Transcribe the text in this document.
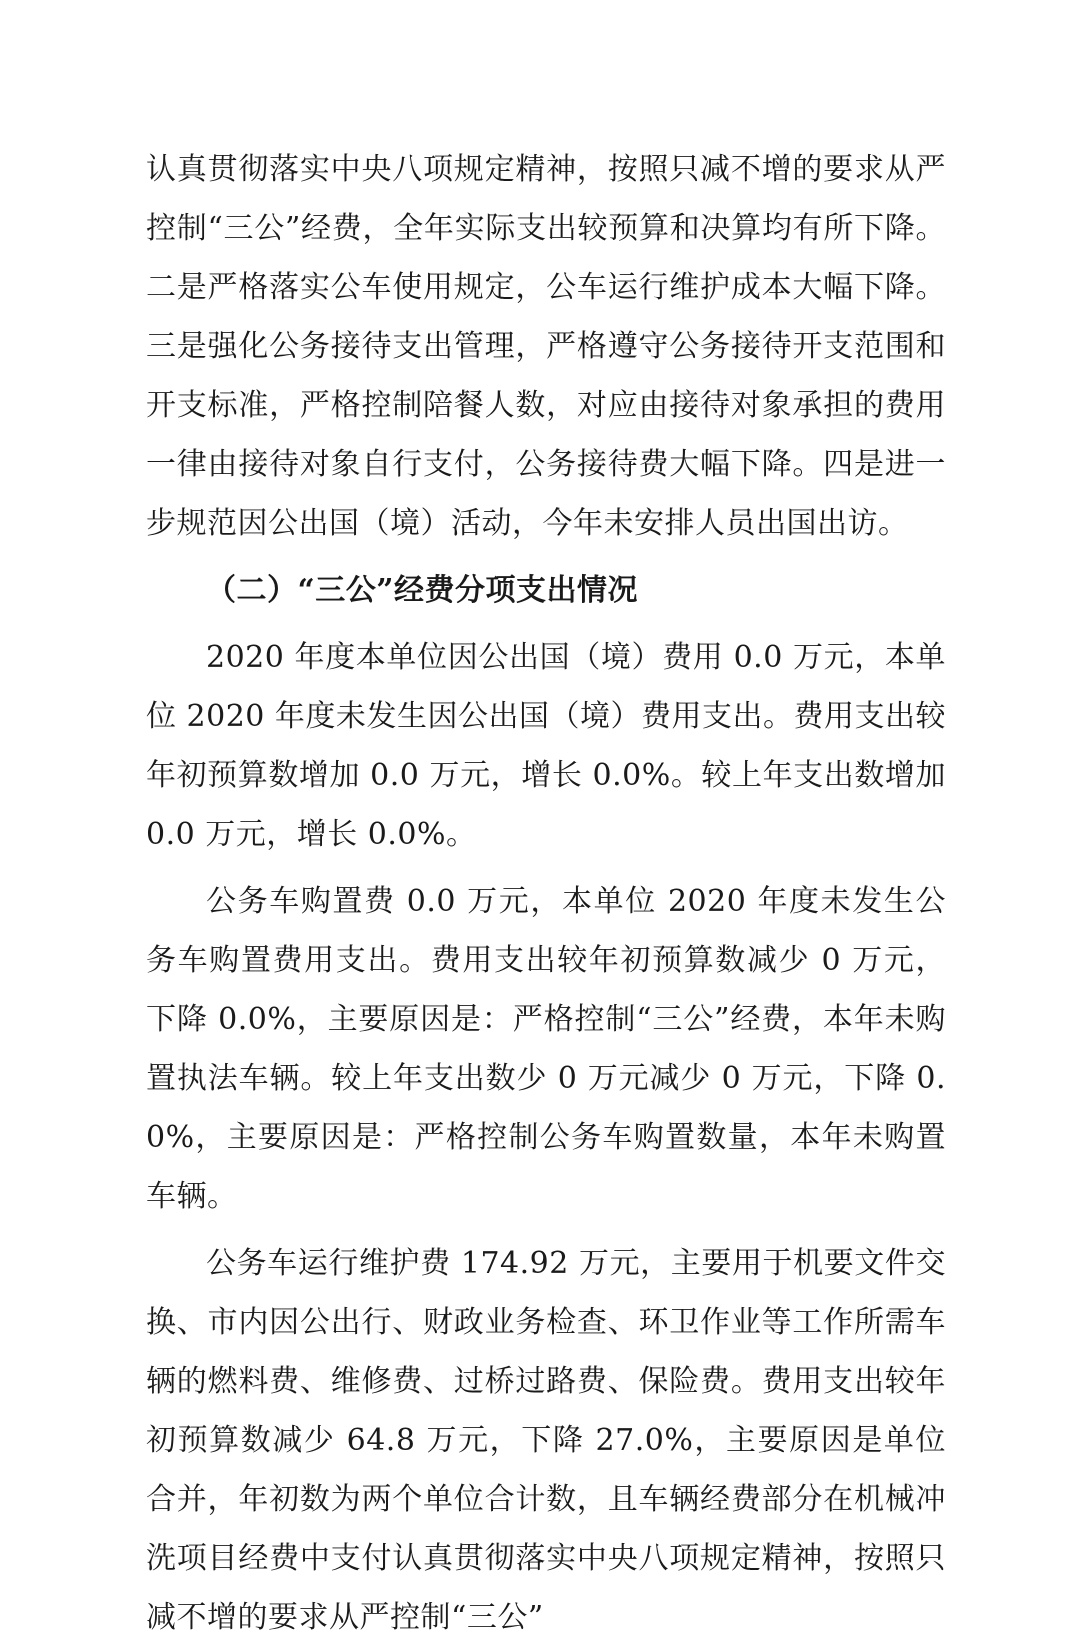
认真贯彻落实中央八项规定精神，按照只减不增的要求从严控制“三公”经费，全年实际支出较预算和决算均有所下降。二是严格落实公车使用规定，公车运行维护成本大幅下降。三是强化公务接待支出管理，严格遵守公务接待开支范围和开支标准，严格控制陪餐人数，对应由接待对象承担的费用一律由接待对象自行支付，公务接待费大幅下降。四是进一步规范因公出国（境）活动，今年未安排人员出国出访。

（二）“三公”经费分项支出情况

2020 年度本单位因公出国（境）费用 0.0 万元，本单位 2020 年度未发生因公出国（境）费用支出。费用支出较年初预算数增加 0.0 万元，增长 0.0%。较上年支出数增加 0.0 万元，增长 0.0%。

公务车购置费 0.0 万元，本单位 2020 年度未发生公务车购置费用支出。费用支出较年初预算数减少 0 万元，下降 0.0%，主要原因是：严格控制“三公”经费，本年未购置执法车辆。较上年支出数少 0 万元减少 0 万元，下降 0.0%，主要原因是：严格控制公务车购置数量，本年未购置车辆。

公务车运行维护费 174.92 万元，主要用于机要文件交换、市内因公出行、财政业务检查、环卫作业等工作所需车辆的燃料费、维修费、过桥过路费、保险费。费用支出较年初预算数减少 64.8 万元，下降 27.0%，主要原因是单位合并，年初数为两个单位合计数，且车辆经费部分在机械冲洗项目经费中支付认真贯彻落实中央八项规定精神，按照只减不增的要求从严控制“三公”
